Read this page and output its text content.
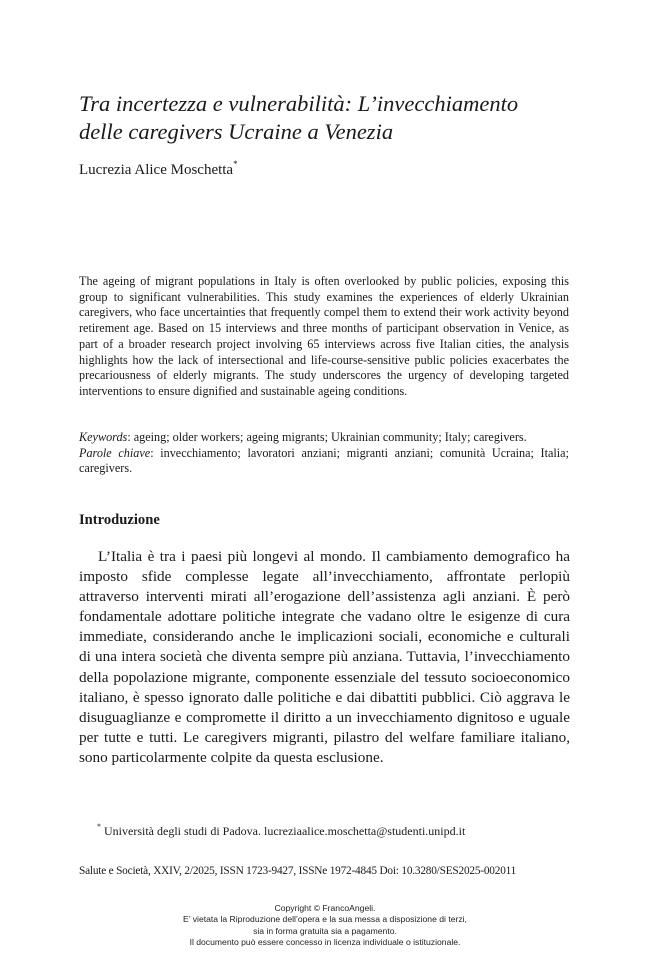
Tra incertezza e vulnerabilità: L’invecchiamento
delle caregivers Ucraine a Venezia
Lucrezia Alice Moschetta*

The ageing of migrant populations in Italy is often overlooked by public policies, exposing this group to significant vulnerabilities. This study examines the experiences of elderly Ukrainian caregivers, who face uncertainties that frequently compel them to extend their work activity beyond retirement age. Based on 15 interviews and three months of participant observation in Venice, as part of a broader research project involving 65 interviews across five Italian cities, the analysis highlights how the lack of intersectional and life-course-sensitive public policies exacerbates the precariousness of elderly migrants. The study underscores the urgency of developing targeted interventions to ensure dignified and sustainable ageing conditions.

Keywords: ageing; older workers; ageing migrants; Ukrainian community; Italy; caregivers.

Parole chiave: invecchiamento; lavoratori anziani; migranti anziani; comunità Ucraina; Italia; caregivers.

Introduzione

L’Italia è tra i paesi più longevi al mondo. Il cambiamento demografico ha imposto sfide complesse legate all’invecchiamento, affrontate perlopiù attraverso interventi mirati all’erogazione dell’assistenza agli anziani. È però fondamentale adottare politiche integrate che vadano oltre le esigenze di cura immediate, considerando anche le implicazioni sociali, economiche e culturali di una intera società che diventa sempre più anziana. Tuttavia, l’invecchiamento della popolazione migrante, componente essenziale del tessuto socioeconomico italiano, è spesso ignorato dalle politiche e dai dibattiti pubblici. Ciò aggrava le disuguaglianze e compromette il diritto a un invecchiamento dignitoso e uguale per tutte e tutti. Le caregivers migranti, pilastro del welfare familiare italiano, sono particolarmente colpite da questa esclusione.

* Università degli studi di Padova. lucreziaalice.moschetta@studenti.unipd.it
Salute e Società, XXIV, 2/2025, ISSN 1723-9427, ISSNe 1972-4845 Doi: 10.3280/SES2025-002011
Copyright © FrancoAngeli.
E’ vietata la Riproduzione dell’opera e la sua messa a disposizione di terzi,
sia in forma gratuita sia a pagamento.
Il documento può essere concesso in licenza individuale o istituzionale.
